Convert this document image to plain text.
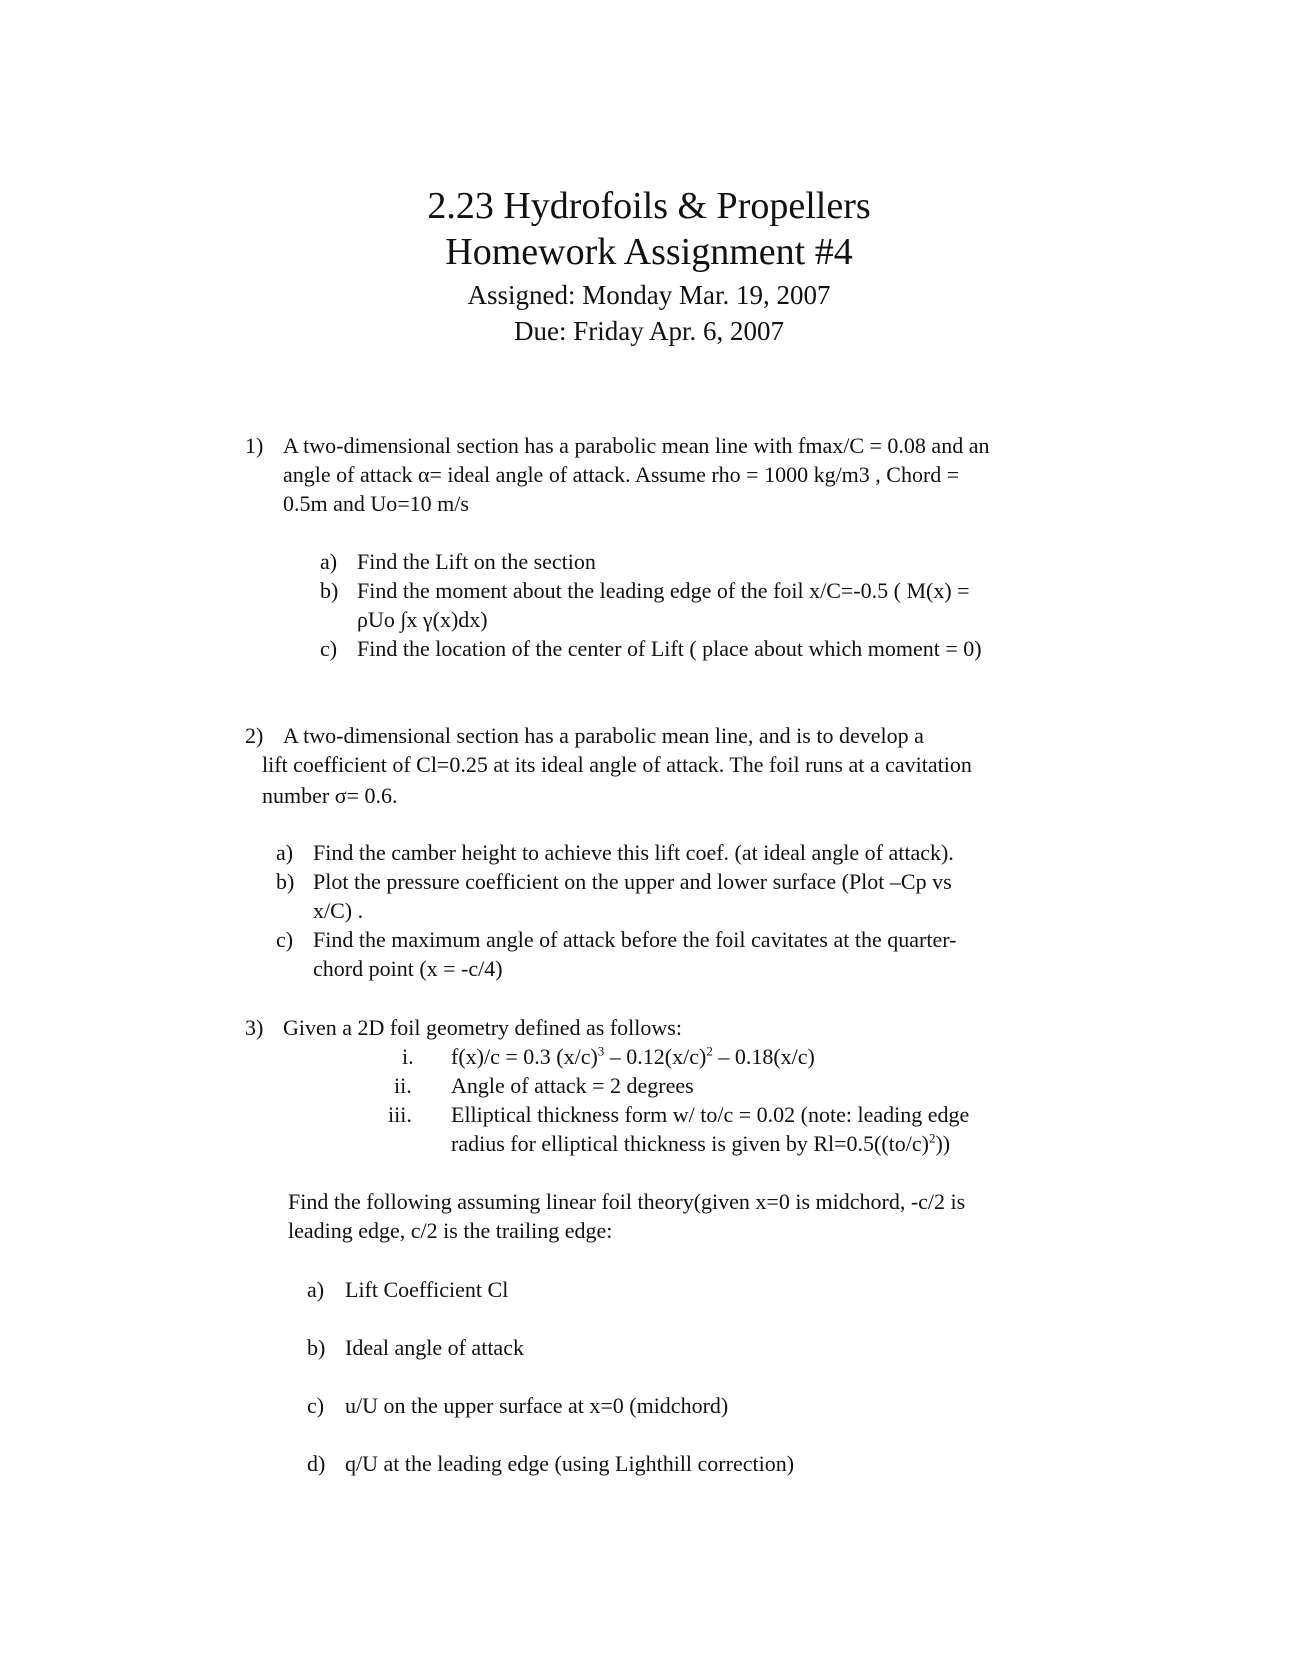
2.23 Hydrofoils & Propellers
Homework Assignment #4
Assigned: Monday Mar. 19, 2007
Due: Friday Apr. 6, 2007
1) A two-dimensional section has a parabolic mean line with fmax/C = 0.08 and an
angle of attack α= ideal angle of attack. Assume rho = 1000 kg/m3 , Chord =
0.5m and Uo=10 m/s
a) Find the Lift on the section
b) Find the moment about the leading edge of the foil x/C=-0.5 ( M(x) =
ρUo ∫x γ(x)dx)
c) Find the location of the center of Lift ( place about which moment = 0)
2) A two-dimensional section has a parabolic mean line, and is to develop a
lift coefficient of Cl=0.25 at its ideal angle of attack. The foil runs at a cavitation
number σ= 0.6.
a) Find the camber height to achieve this lift coef. (at ideal angle of attack).
b) Plot the pressure coefficient on the upper and lower surface (Plot –Cp vs
x/C) .
c) Find the maximum angle of attack before the foil cavitates at the quarter-
chord point (x = -c/4)
3) Given a 2D foil geometry defined as follows:
i. f(x)/c = 0.3 $(x/c)^3 - 0.12(x/c)^2 - 0.18(x/c)$
ii. Angle of attack = 2 degrees
iii. Elliptical thickness form w/ to/c = 0.02 (note: leading edge
radius for elliptical thickness is given by $Rl=0.5((to/c)^2)$)
Find the following assuming linear foil theory(given x=0 is midchord, -c/2 is
leading edge, c/2 is the trailing edge:
a) Lift Coefficient Cl
b) Ideal angle of attack
c) u/U on the upper surface at x=0 (midchord)
d) q/U at the leading edge (using Lighthill correction)
